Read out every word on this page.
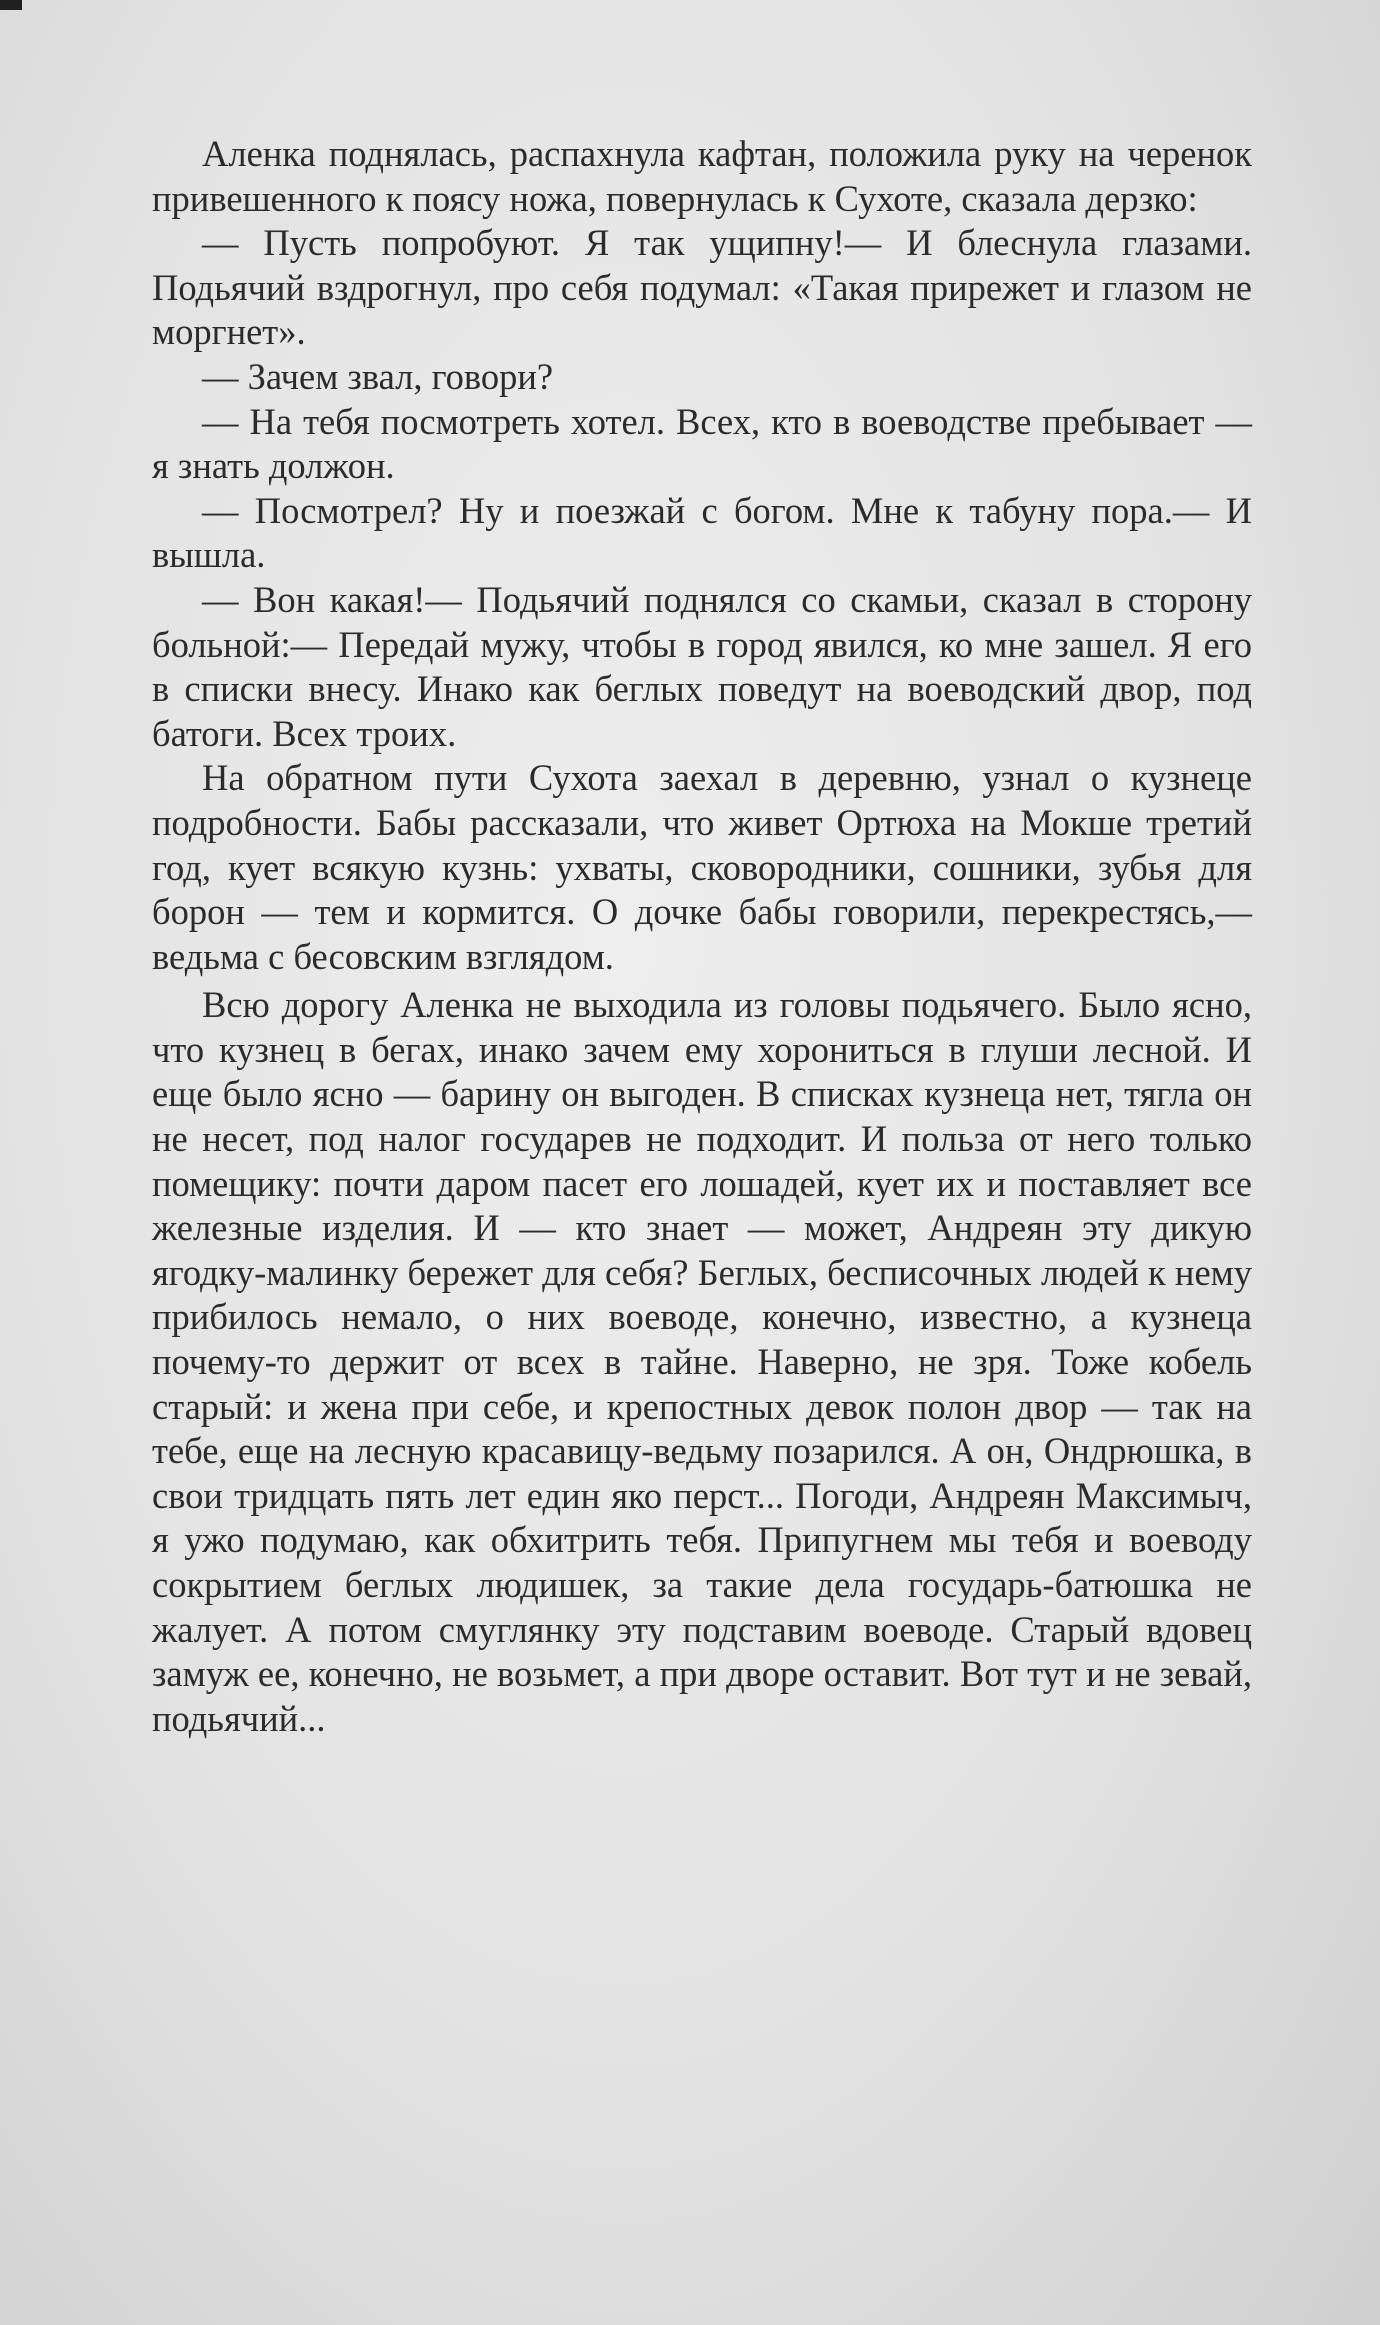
Аленка поднялась, распахнула кафтан, положила руку на черенок привешенного к поясу ножа, повернулась к Сухоте, сказала дерзко:

— Пусть попробуют. Я так ущипну!— И блеснула глазами. Подьячий вздрогнул, про себя подумал: «Такая прирежет и глазом не моргнет».

— Зачем звал, говори?

— На тебя посмотреть хотел. Всех, кто в воеводстве пребывает — я знать должон.

— Посмотрел? Ну и поезжай с богом. Мне к табуну пора.— И вышла.

— Вон какая!— Подьячий поднялся со скамьи, сказал в сторону больной:— Передай мужу, чтобы в город явился, ко мне зашел. Я его в списки внесу. Инако как беглых поведут на воеводский двор, под батоги. Всех троих.

На обратном пути Сухота заехал в деревню, узнал о кузнеце подробности. Бабы рассказали, что живет Ортюха на Мокше третий год, кует всякую кузнь: ухваты, сковородники, сошники, зубья для борон — тем и кормится. О дочке бабы говорили, перекрестясь,— ведьма с бесовским взглядом.

Всю дорогу Аленка не выходила из головы подьячего. Было ясно, что кузнец в бегах, инако зачем ему хорониться в глуши лесной. И еще было ясно — барину он выгоден. В списках кузнеца нет, тягла он не несет, под налог государев не подходит. И польза от него только помещику: почти даром пасет его лошадей, кует их и поставляет все железные изделия. И — кто знает — может, Андреян эту дикую ягодку-малинку бережет для себя? Беглых, бесписочных людей к нему прибилось немало, о них воеводе, конечно, известно, а кузнеца почему-то держит от всех в тайне. Наверно, не зря. Тоже кобель старый: и жена при себе, и крепостных девок полон двор — так на тебе, еще на лесную красавицу-ведьму позарился. А он, Ондрюшка, в свои тридцать пять лет един яко перст... Погоди, Андреян Максимыч, я ужо подумаю, как обхитрить тебя. Припугнем мы тебя и воеводу сокрытием беглых людишек, за такие дела государь-батюшка не жалует. А потом смуглянку эту подставим воеводе. Старый вдовец замуж ее, конечно, не возьмет, а при дворе оставит. Вот тут и не зевай, подьячий...
